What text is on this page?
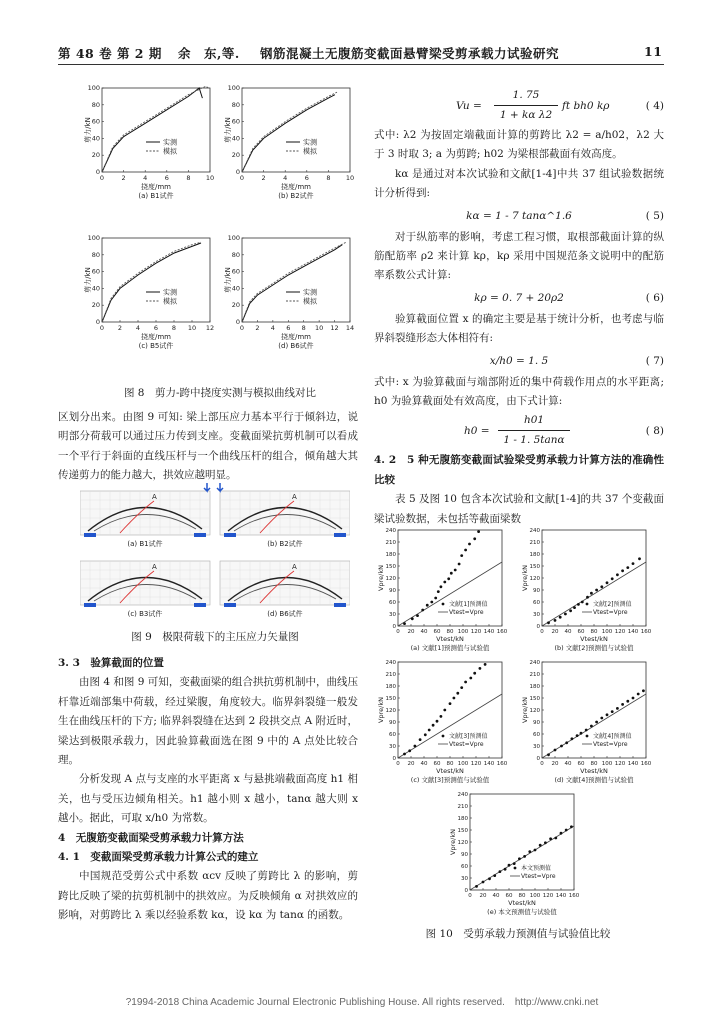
第 48 卷 第 2 期 余　东,等. 钢筋混凝土无腹筋变截面悬臂梁受剪承载力试验研究	11
0	2	4	6	8 10
0
20
40
60
80
100
剪力/kN
挠度/mm
(a) B1试件
实测
模拟
0	2	4	6	8 10
0
20
40
60
80
100
剪力/kN
挠度/mm
(b) B2试件
实测
模拟
0 2 4 6 8 10 12
0
20
40
60
80
100
剪力/kN
挠度/mm
(c) B5试件
实测
模拟
0 2 4 6 8 10 12 14
0
20
40
60
80
100
剪力/kN
挠度/mm
(d) B6试件
实测
模拟
图 8　剪力-跨中挠度实测与模拟曲线对比

区划分出来。由图 9 可知: 梁上部压应力基本平行于倾斜边，说明部分荷载可以通过压力传到支座。变截面梁抗剪机制可以看成一个平行于斜面的直线压杆与一个曲线压杆的组合，倾角越大其传递剪力的能力越大，拱效应越明显。

A
(a) B1试件
A
(b) B2试件
A
(c) B3试件
A
(d) B6试件
图 9　极限荷载下的主压应力矢量图

3. 3　验算截面的位置

由图 4 和图 9 可知，变截面梁的组合拱抗剪机制中，曲线压杆靠近端部集中荷载，经过梁腹，角度较大。临界斜裂缝一般发生在曲线压杆的下方; 临界斜裂缝在达到 2 段拱交点 A 附近时，梁达到极限承载力，因此验算截面选在图 9 中的 A 点处比较合理。

分析发现 A 点与支座的水平距离 x 与悬挑端截面高度 h1 相关，也与受压边倾角相关。h1 越小则 x 越小，tanα 越大则 x 越小。据此，可取 x/h0 为常数。

4　无腹筋变截面梁受剪承载力计算方法

4. 1　变截面梁受剪承载力计算公式的建立

中国规范受剪公式中系数 αcv 反映了剪跨比 λ 的影响，剪跨比反映了梁的抗剪机制中的拱效应。为反映倾角 α 对拱效应的影响，对剪跨比 λ 乘以经验系数 kα，设 kα 为 tanα 的函数。

Vu =
1. 75
1 + kα λ2
ft bh0 kρ	( 4)

式中: λ2 为按固定端截面计算的剪跨比 λ2 = a/h02，λ2 大于 3 时取 3; a 为剪跨; h02 为梁根部截面有效高度。

kα 是通过对本次试验和文献[1-4]中共 37 组试验数据统计分析得到:

kα = 1 - 7 tanα^1.6	( 5)

对于纵筋率的影响，考虑工程习惯，取根部截面计算的纵筋配筋率 ρ2 来计算 kρ，kρ 采用中国规范条文说明中的配筋率系数公式计算:

kρ = 0. 7 + 20ρ2	( 6)

验算截面位置 x 的确定主要是基于统计分析，也考虑与临界斜裂缝形态大体相符有:

x/h0 = 1. 5	( 7)

式中: x 为验算截面与端部附近的集中荷载作用点的水平距离; h0 为验算截面处有效高度，由下式计算:

h0 =
h01
1 - 1. 5tanα
( 8)

4. 2　5 种无腹筋变截面试验梁受剪承载力计算方法的准确性比较

表 5 及图 10 包含本次试验和文献[1-4]的共 37 个变截面梁试验数据，未包括等截面梁数

0 20 40 60 80 100 120 140 160
0
30
60
90
120
150
180
210
240
Vpre/kN
Vtest/kN
(a) 文献[1]预测值与试验值
文献[1]预测值
Vtest=Vpre
0 20 40 60 80 100 120 140 160
0
30
60
90
120
150
180
210
240
Vpre/kN
Vtest/kN
(b) 文献[2]预测值与试验值
文献[2]预测值
Vtest=Vpre
0 20 40 60 80 100 120 140 160
0
30
60
90
120
150
180
210
240
Vpre/kN
Vtest/kN
(c) 文献[3]预测值与试验值
文献[3]预测值
Vtest=Vpre
0 20 40 60 80 100 120 140 160
0
30
60
90
120
150
180
210
240
Vpre/kN
Vtest/kN
(d) 文献[4]预测值与试验值
文献[4]预测值
Vtest=Vpre
0 20 40 60 80 100 120 140 160
0
30
60
90
120
150
180
210
240
Vpre/kN
Vtest/kN
(e) 本文预测值与试验值
本文预测值
Vtest=Vpre
图 10　受剪承载力预测值与试验值比较
?1994-2018 China Academic Journal Electronic Publishing House. All rights reserved.　http://www.cnki.net
